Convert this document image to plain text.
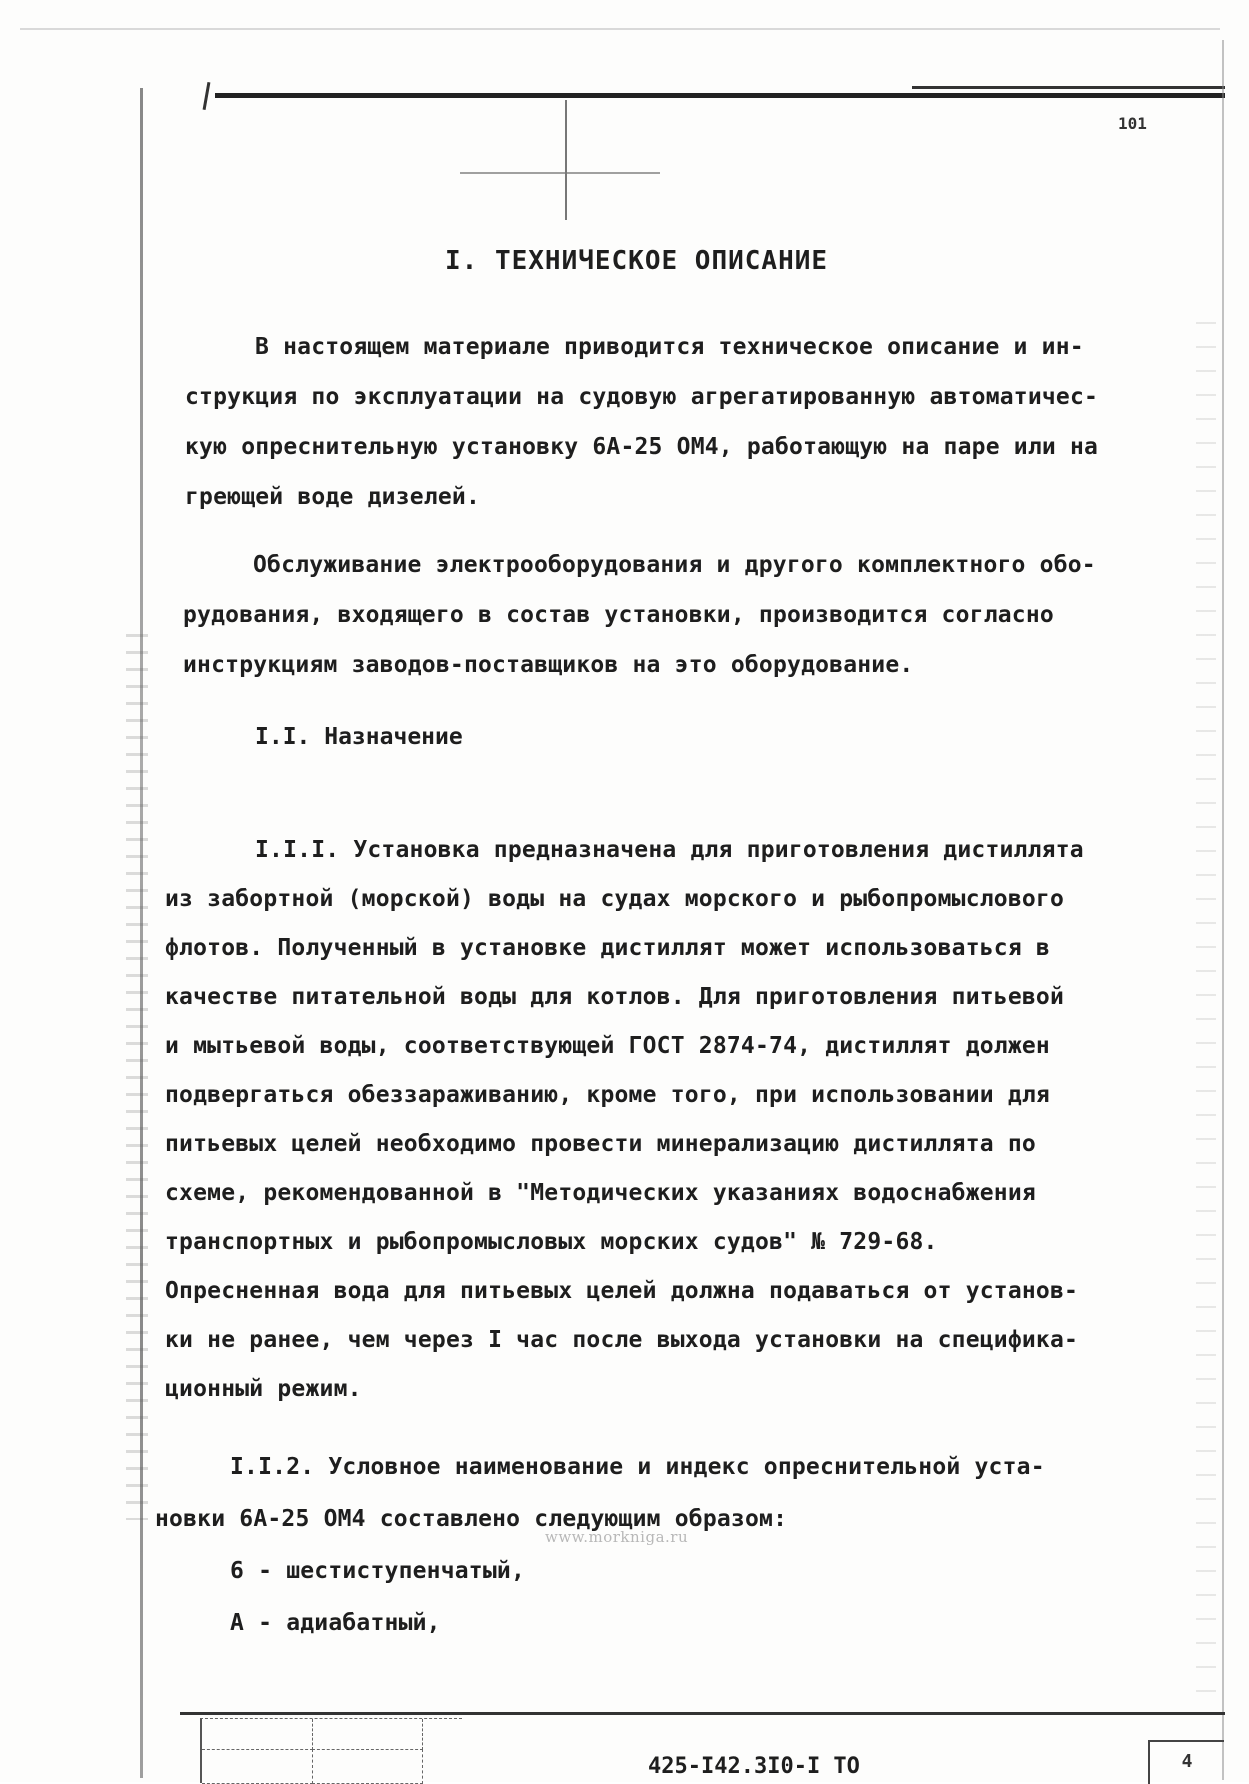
101
I. ТЕХНИЧЕСКОЕ ОПИСАНИЕ
В настоящем материале приводится техническое описание и ин-
струкция по эксплуатации на судовую агрегатированную автоматичес-
кую опреснительную установку 6А-25 ОМ4, работающую на паре или на
греющей воде дизелей.
Обслуживание электрооборудования и другого комплектного обо-
рудования, входящего в состав установки, производится согласно
инструкциям заводов-поставщиков на это оборудование.
I.I. Назначение
I.I.I. Установка предназначена для приготовления дистиллята
из забортной (морской) воды на судах морского и рыбопромыслового
флотов. Полученный в установке дистиллят может использоваться в
качестве питательной воды для котлов. Для приготовления питьевой
и мытьевой воды, соответствующей ГОСТ 2874-74, дистиллят должен
подвергаться обеззараживанию, кроме того, при использовании для
питьевых целей необходимо провести минерализацию дистиллята по
схеме, рекомендованной в "Методических указаниях водоснабжения
транспортных и рыбопромысловых морских судов" № 729-68.
Опресненная вода для питьевых целей должна подаваться от установ-
ки не ранее, чем через I час после выхода установки на специфика-
ционный режим.
I.I.2. Условное наименование и индекс опреснительной уста-
новки 6А-25 ОМ4 составлено следующим образом:
6 - шестиступенчатый,
А - адиабатный,
www.morkniga.ru
425-I42.3I0-I ТО	4
